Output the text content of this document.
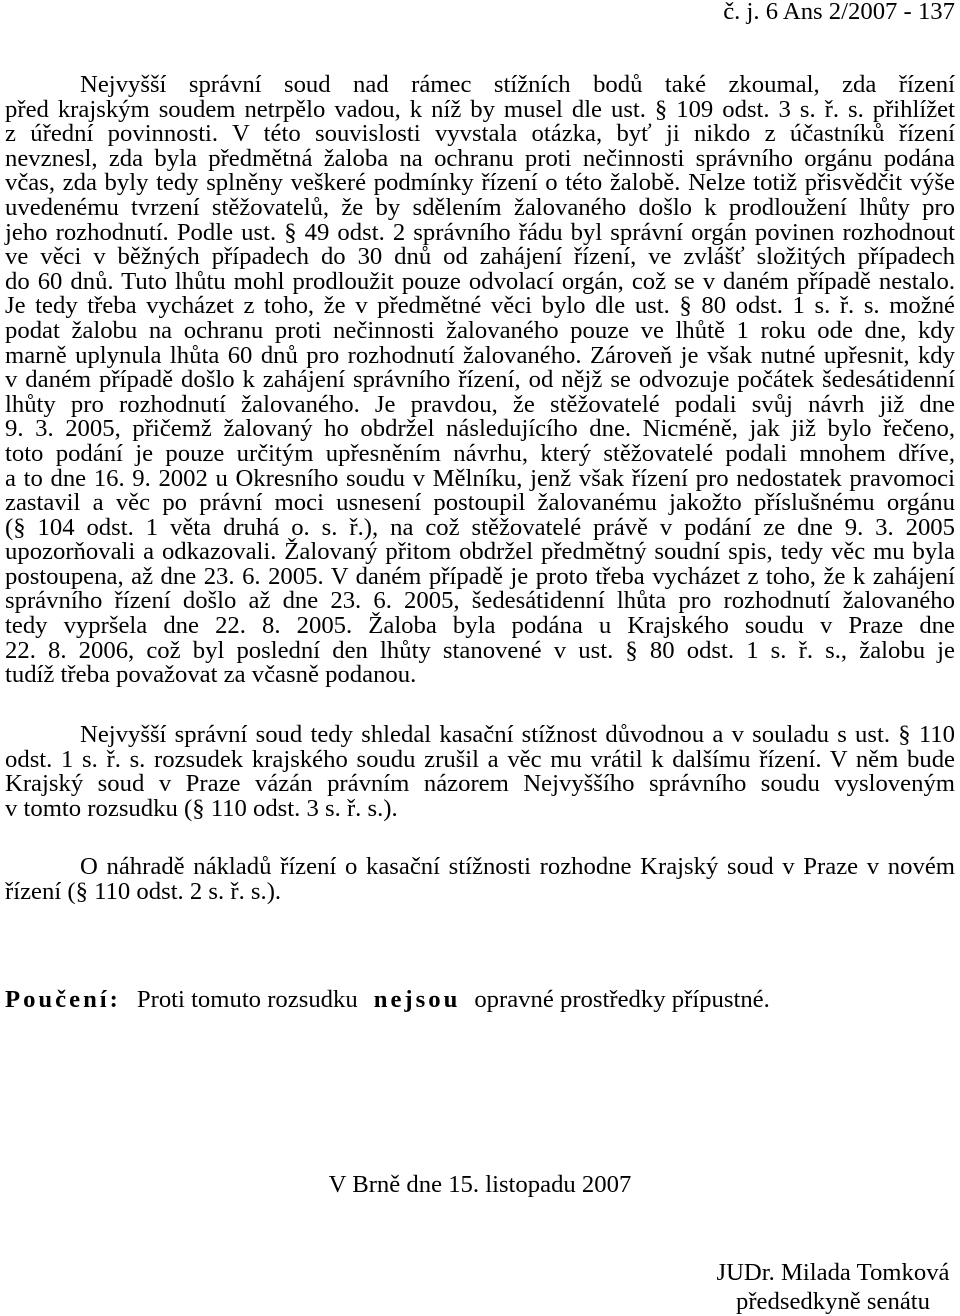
č. j. 6 Ans 2/2007 - 137
Nejvyšší správní soud nad rámec stížních bodů také zkoumal, zda řízení
před krajským soudem netrpělo vadou, k níž by musel dle ust. § 109 odst. 3 s. ř. s. přihlížet
z úřední povinnosti. V této souvislosti vyvstala otázka, byť ji nikdo z účastníků řízení
nevznesl, zda byla předmětná žaloba na ochranu proti nečinnosti správního orgánu podána
včas, zda byly tedy splněny veškeré podmínky řízení o této žalobě. Nelze totiž přisvědčit výše
uvedenému tvrzení stěžovatelů, že by sdělením žalovaného došlo k prodloužení lhůty pro
jeho rozhodnutí. Podle ust. § 49 odst. 2 správního řádu byl správní orgán povinen rozhodnout
ve věci v běžných případech do 30 dnů od zahájení řízení, ve zvlášť složitých případech
do 60 dnů. Tuto lhůtu mohl prodloužit pouze odvolací orgán, což se v daném případě nestalo.
Je tedy třeba vycházet z toho, že v předmětné věci bylo dle ust. § 80 odst. 1 s. ř. s. možné
podat žalobu na ochranu proti nečinnosti žalovaného pouze ve lhůtě 1 roku ode dne, kdy
marně uplynula lhůta 60 dnů pro rozhodnutí žalovaného. Zároveň je však nutné upřesnit, kdy
v daném případě došlo k zahájení správního řízení, od nějž se odvozuje počátek šedesátidenní
lhůty pro rozhodnutí žalovaného. Je pravdou, že stěžovatelé podali svůj návrh již dne
9. 3. 2005, přičemž žalovaný ho obdržel následujícího dne. Nicméně, jak již bylo řečeno,
toto podání je pouze určitým upřesněním návrhu, který stěžovatelé podali mnohem dříve,
a to dne 16. 9. 2002 u Okresního soudu v Mělníku, jenž však řízení pro nedostatek pravomoci
zastavil a věc po právní moci usnesení postoupil žalovanému jakožto příslušnému orgánu
(§ 104 odst. 1 věta druhá o. s. ř.), na což stěžovatelé právě v podání ze dne 9. 3. 2005
upozorňovali a odkazovali. Žalovaný přitom obdržel předmětný soudní spis, tedy věc mu byla
postoupena, až dne 23. 6. 2005. V daném případě je proto třeba vycházet z toho, že k zahájení
správního řízení došlo až dne 23. 6. 2005, šedesátidenní lhůta pro rozhodnutí žalovaného
tedy vypršela dne 22. 8. 2005. Žaloba byla podána u Krajského soudu v Praze dne
22. 8. 2006, což byl poslední den lhůty stanovené v ust. § 80 odst. 1 s. ř. s., žalobu je
tudíž třeba považovat za včasně podanou.
Nejvyšší správní soud tedy shledal kasační stížnost důvodnou a v souladu s ust. § 110
odst. 1 s. ř. s. rozsudek krajského soudu zrušil a věc mu vrátil k dalšímu řízení. V něm bude
Krajský soud v Praze vázán právním názorem Nejvyššího správního soudu vysloveným
v tomto rozsudku (§ 110 odst. 3 s. ř. s.).
O náhradě nákladů řízení o kasační stížnosti rozhodne Krajský soud v Praze v novém
řízení (§ 110 odst. 2 s. ř. s.).
Poučení: Proti tomuto rozsudku nejsou opravné prostředky přípustné.
V Brně dne 15. listopadu 2007
JUDr. Milada Tomková
předsedkyně senátu
